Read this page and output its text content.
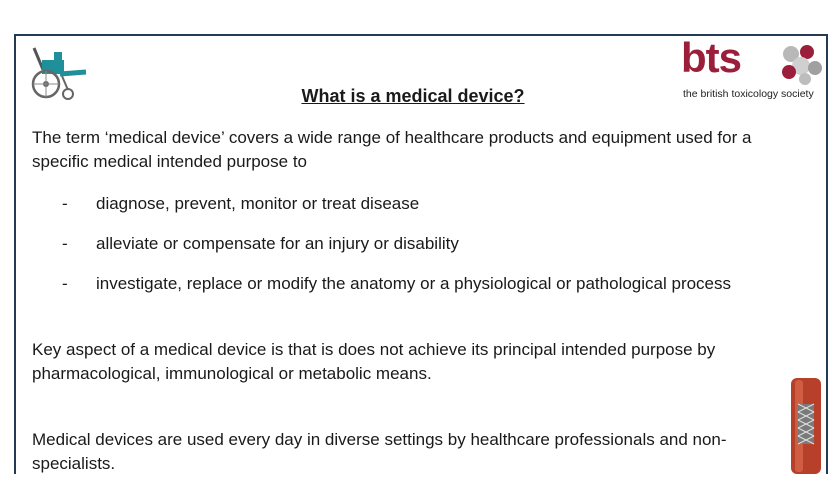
bts
the british toxicology society
What is a medical device?

The term ‘medical device’ covers a wide range of healthcare products and equipment used for a specific medical intended purpose to

- diagnose, prevent, monitor or treat disease
- alleviate or compensate for an injury or disability
- investigate, replace or modify the anatomy or a physiological or pathological process

Key aspect of a medical device is that is does not achieve its principal intended purpose by pharmacological, immunological or metabolic means.

Medical devices are used every day in diverse settings by healthcare professionals and non-specialists.
